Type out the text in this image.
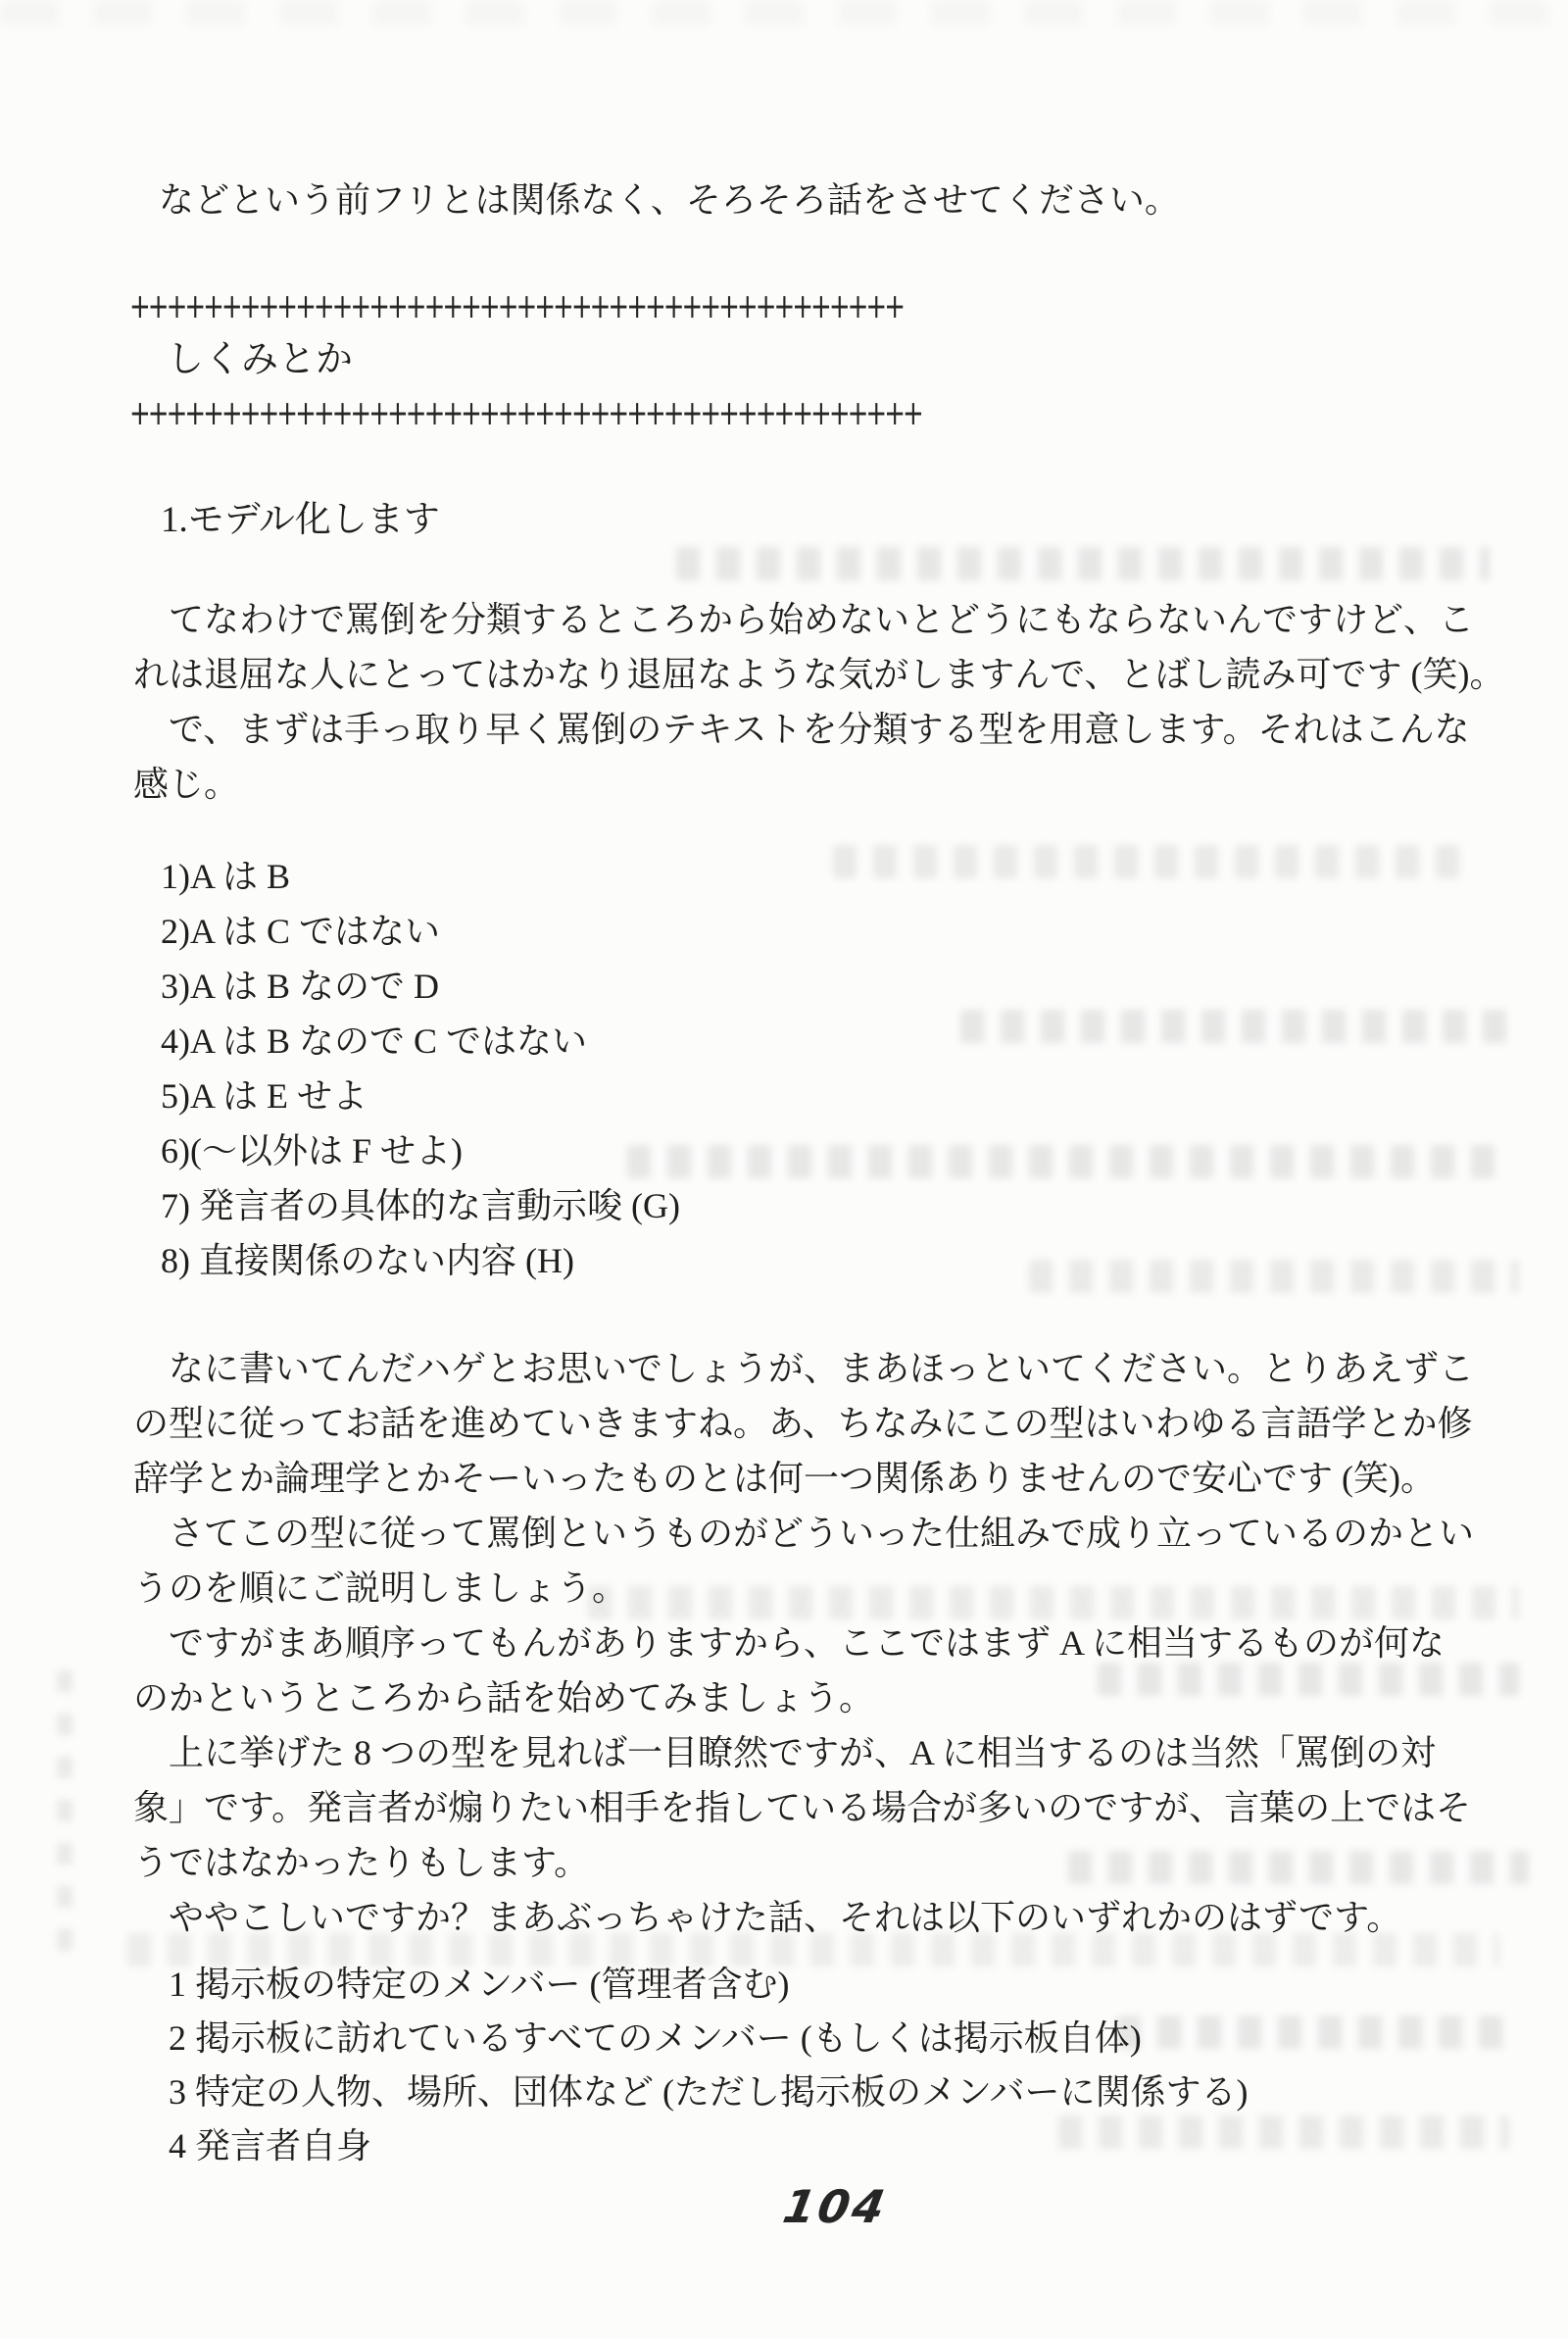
などという前フリとは関係なく、そろそろ話をさせてください。
++++++++++++++++++++++++++++++++++++++++++
しくみとか
+++++++++++++++++++++++++++++++++++++++++++
1.モデル化します
てなわけで罵倒を分類するところから始めないとどうにもならないんですけど、こ
れは退屈な人にとってはかなり退屈なような気がしますんで、とばし読み可です (笑)。
で、まずは手っ取り早く罵倒のテキストを分類する型を用意します。それはこんな
感じ。
1)A は B
2)A は C ではない
3)A は B なので D
4)A は B なので C ではない
5)A は E せよ
6)(～以外は F せよ)
7) 発言者の具体的な言動示唆 (G)
8) 直接関係のない内容 (H)
なに書いてんだハゲとお思いでしょうが、まあほっといてください。とりあえずこ
の型に従ってお話を進めていきますね。あ、ちなみにこの型はいわゆる言語学とか修
辞学とか論理学とかそーいったものとは何一つ関係ありませんので安心です (笑)。
さてこの型に従って罵倒というものがどういった仕組みで成り立っているのかとい
うのを順にご説明しましょう。
ですがまあ順序ってもんがありますから、ここではまず A に相当するものが何な
のかというところから話を始めてみましょう。
上に挙げた 8 つの型を見れば一目瞭然ですが、A に相当するのは当然「罵倒の対
象」です。発言者が煽りたい相手を指している場合が多いのですが、言葉の上ではそ
うではなかったりもします。
ややこしいですか？まあぶっちゃけた話、それは以下のいずれかのはずです。
1 掲示板の特定のメンバー (管理者含む)
2 掲示板に訪れているすべてのメンバー (もしくは掲示板自体)
3 特定の人物、場所、団体など (ただし掲示板のメンバーに関係する)
4 発言者自身
104
